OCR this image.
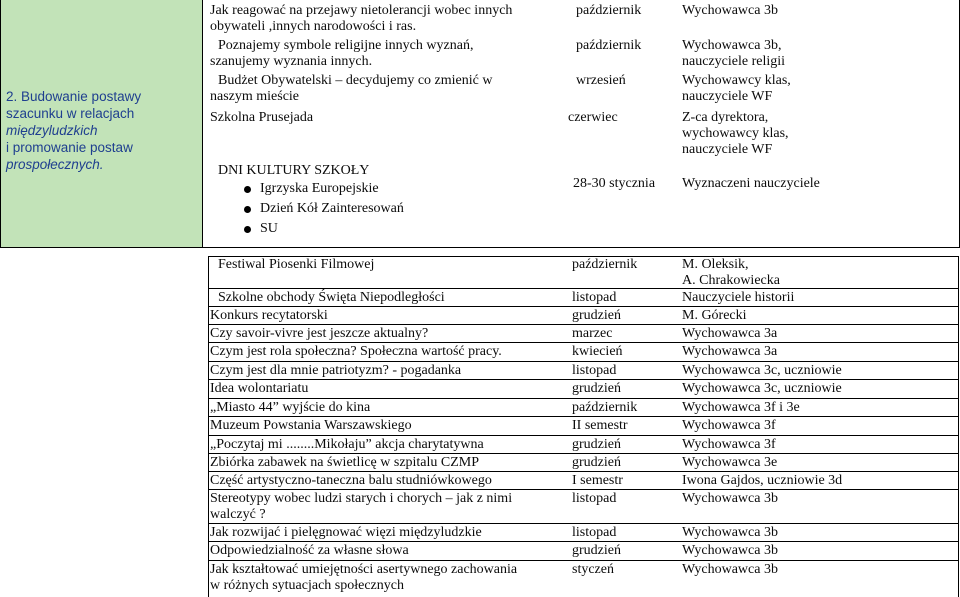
2. Budowanie postawy
szacunku w relacjach
międzyludzkich
i promowanie postaw
prospołecznych.
Jak reagować na przejawy nietolerancji wobec innych
obywateli ,innych narodowości i ras.
październik	Wychowawca 3b
Poznajemy symbole religijne innych wyznań,
szanujemy wyznania innych.
październik	Wychowawca 3b,
nauczyciele religii
Budżet Obywatelski – decydujemy co zmienić w
naszym mieście
wrzesień	Wychowawcy klas,
nauczyciele WF
Szkolna Prusejada	czerwiec	Z-ca dyrektora,
wychowawcy klas,
nauczyciele WF
DNI KULTURY SZKOŁY
Igrzyska Europejskie
Dzień Kół Zainteresowań
SU
28-30 stycznia Wyznaczeni nauczyciele
Festiwal Piosenki Filmowej	październik	M. Oleksik,
A. Chrakowiecka
Szkolne obchody Święta Niepodległości	listopad	Nauczyciele historii
Konkurs recytatorski	grudzień	M. Górecki
Czy savoir-vivre jest jeszcze aktualny?	marzec	Wychowawca 3a
Czym jest rola społeczna? Społeczna wartość pracy.	kwiecień	Wychowawca 3a
Czym jest dla mnie patriotyzm? - pogadanka	listopad	Wychowawca 3c, uczniowie
Idea wolontariatu	grudzień	Wychowawca 3c, uczniowie
„Miasto 44” wyjście do kina	październik	Wychowawca 3f i 3e
Muzeum Powstania Warszawskiego	II semestr	Wychowawca 3f
„Poczytaj mi ........Mikołaju” akcja charytatywna	grudzień	Wychowawca 3f
Zbiórka zabawek na świetlicę w szpitalu CZMP	grudzień	Wychowawca 3e
Część artystyczno-taneczna balu studniówkowego	I semestr	Iwona Gajdos, uczniowie 3d
Stereotypy wobec ludzi starych i chorych – jak z nimi
walczyć ?
listopad	Wychowawca 3b
Jak rozwijać i pielęgnować więzi międzyludzkie	listopad	Wychowawca 3b
Odpowiedzialność za własne słowa	grudzień	Wychowawca 3b
Jak kształtować umiejętności asertywnego zachowania
w różnych sytuacjach społecznych
styczeń	Wychowawca 3b
